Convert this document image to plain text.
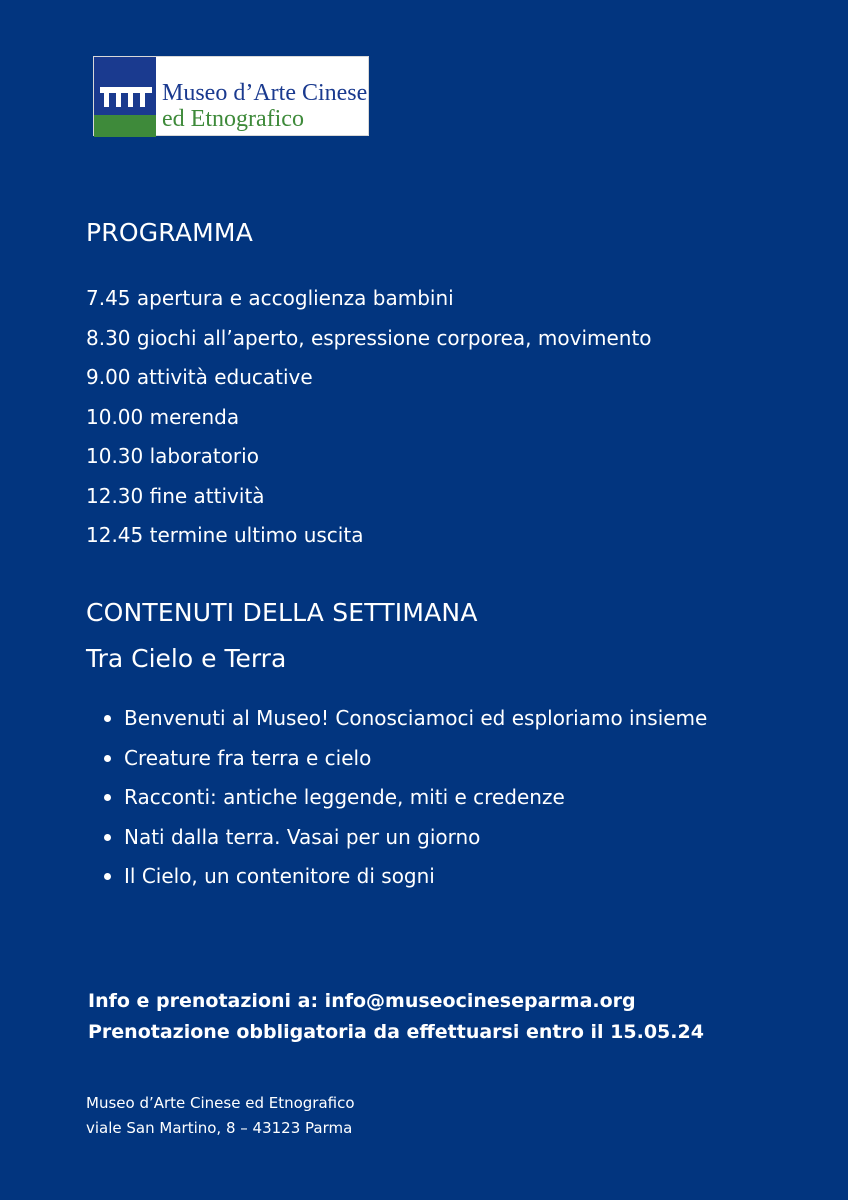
Museo d’Arte Cinese
ed Etnografico
PROGRAMMA
7.45 apertura e accoglienza bambini
8.30 giochi all’aperto, espressione corporea, movimento
9.00 attività educative
10.00 merenda
10.30 laboratorio
12.30 fine attività
12.45 termine ultimo uscita
CONTENUTI DELLA SETTIMANA
Tra Cielo e Terra
Benvenuti al Museo! Conosciamoci ed esploriamo insieme
Creature fra terra e cielo
Racconti: antiche leggende, miti e credenze
Nati dalla terra. Vasai per un giorno
Il Cielo, un contenitore di sogni
Info e prenotazioni a: info@museocineseparma.org
Prenotazione obbligatoria da effettuarsi entro il 15.05.24
Museo d’Arte Cinese ed Etnografico
viale San Martino, 8 – 43123 Parma
